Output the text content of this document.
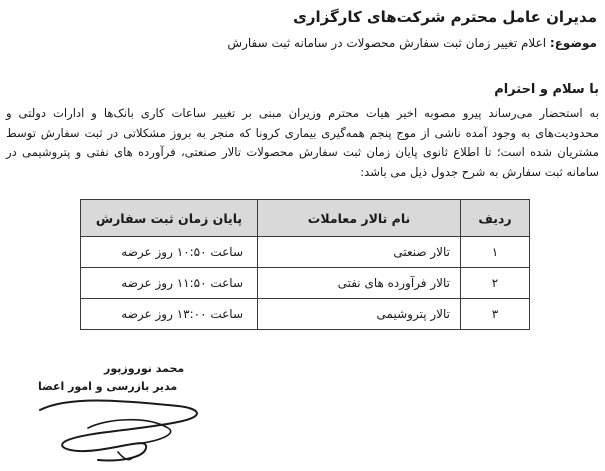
مدیران عامل محترم شرکت‌های کارگزاری
موضوع: اعلام تغییر زمان ثبت سفارش محصولات در سامانه ثبت سفارش
با سلام و احترام
به استحضار می‌رساند پیرو مصوبه اخیر هیات محترم وزیران مبنی بر تغییر ساعات کاری بانک‌ها و ادارات دولتی و محدودیت‌های به وجود آمده ناشی از موج پنجم همه‌گیری بیماری کرونا که منجر به بروز مشکلاتی در ثبت سفارش توسط مشتریان شده است؛ تا اطلاع ثانوی پایان زمان ثبت سفارش محصولات تالار صنعتی، فرآورده های نفتی و پتروشیمی در سامانه ثبت سفارش به شرح جدول ذیل می باشد:
ردیف	نام تالار معاملات	پایان زمان ثبت سفارش
۱	تالار صنعتی	ساعت ۱۰:۵۰ روز عرضه
۲	تالار فرآورده های نفتی	ساعت ۱۱:۵۰ روز عرضه
۳	تالار پتروشیمی	ساعت ۱۳:۰۰ روز عرضه
محمد نوروزپور
مدیر بازرسی و امور اعضا
